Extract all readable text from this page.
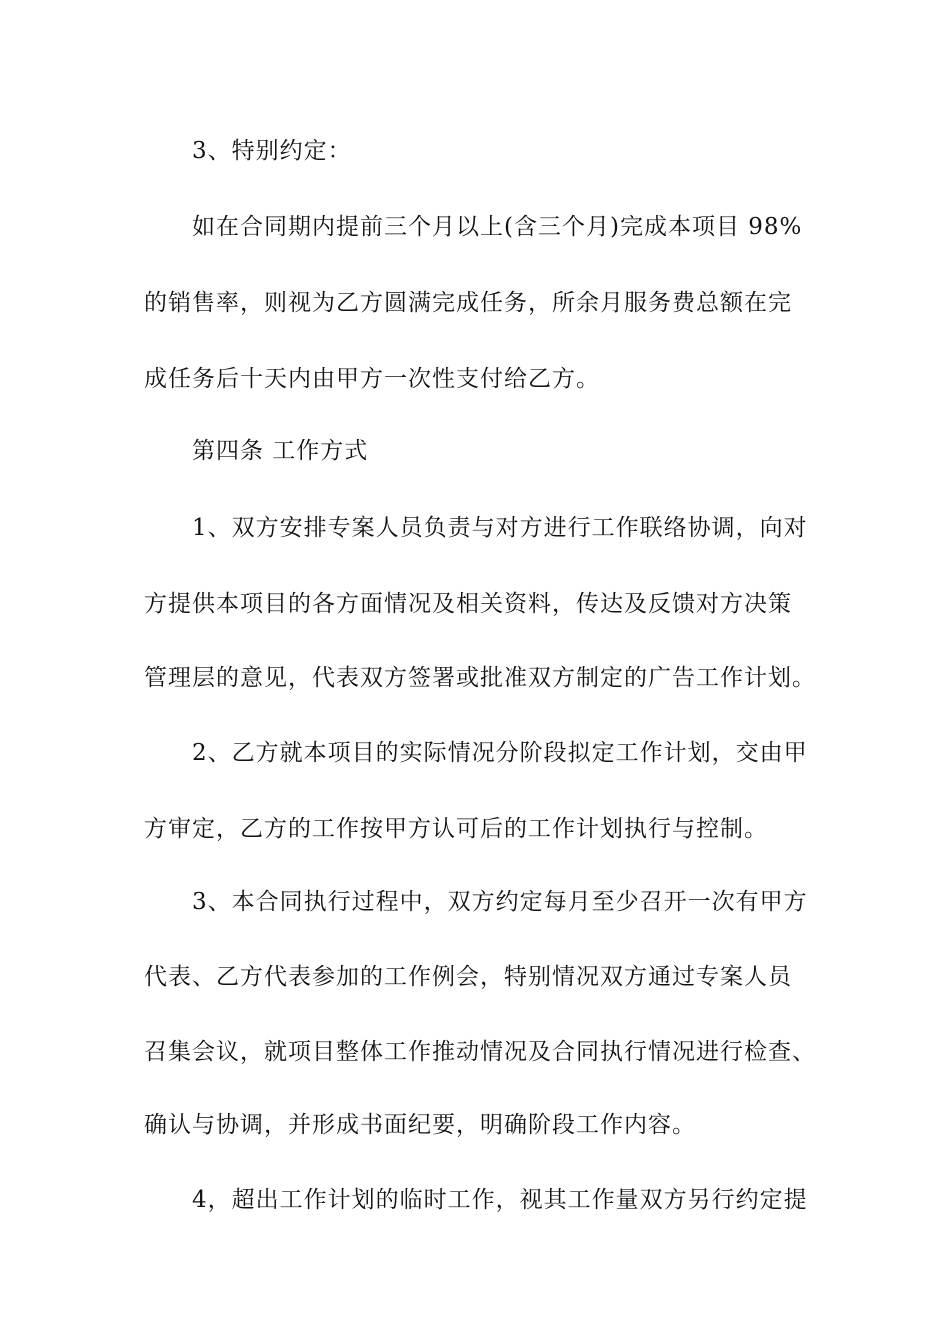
3、特别约定：
如在合同期内提前三个月以上(含三个月)完成本项目 98%
的销售率，则视为乙方圆满完成任务，所余月服务费总额在完
成任务后十天内由甲方一次性支付给乙方。
第四条 工作方式
1、双方安排专案人员负责与对方进行工作联络协调，向对
方提供本项目的各方面情况及相关资料，传达及反馈对方决策
管理层的意见，代表双方签署或批准双方制定的广告工作计划。
2、乙方就本项目的实际情况分阶段拟定工作计划，交由甲
方审定，乙方的工作按甲方认可后的工作计划执行与控制。
3、本合同执行过程中，双方约定每月至少召开一次有甲方
代表、乙方代表参加的工作例会，特别情况双方通过专案人员
召集会议，就项目整体工作推动情况及合同执行情况进行检查、
确认与协调，并形成书面纪要，明确阶段工作内容。
4，超出工作计划的临时工作，视其工作量双方另行约定提
